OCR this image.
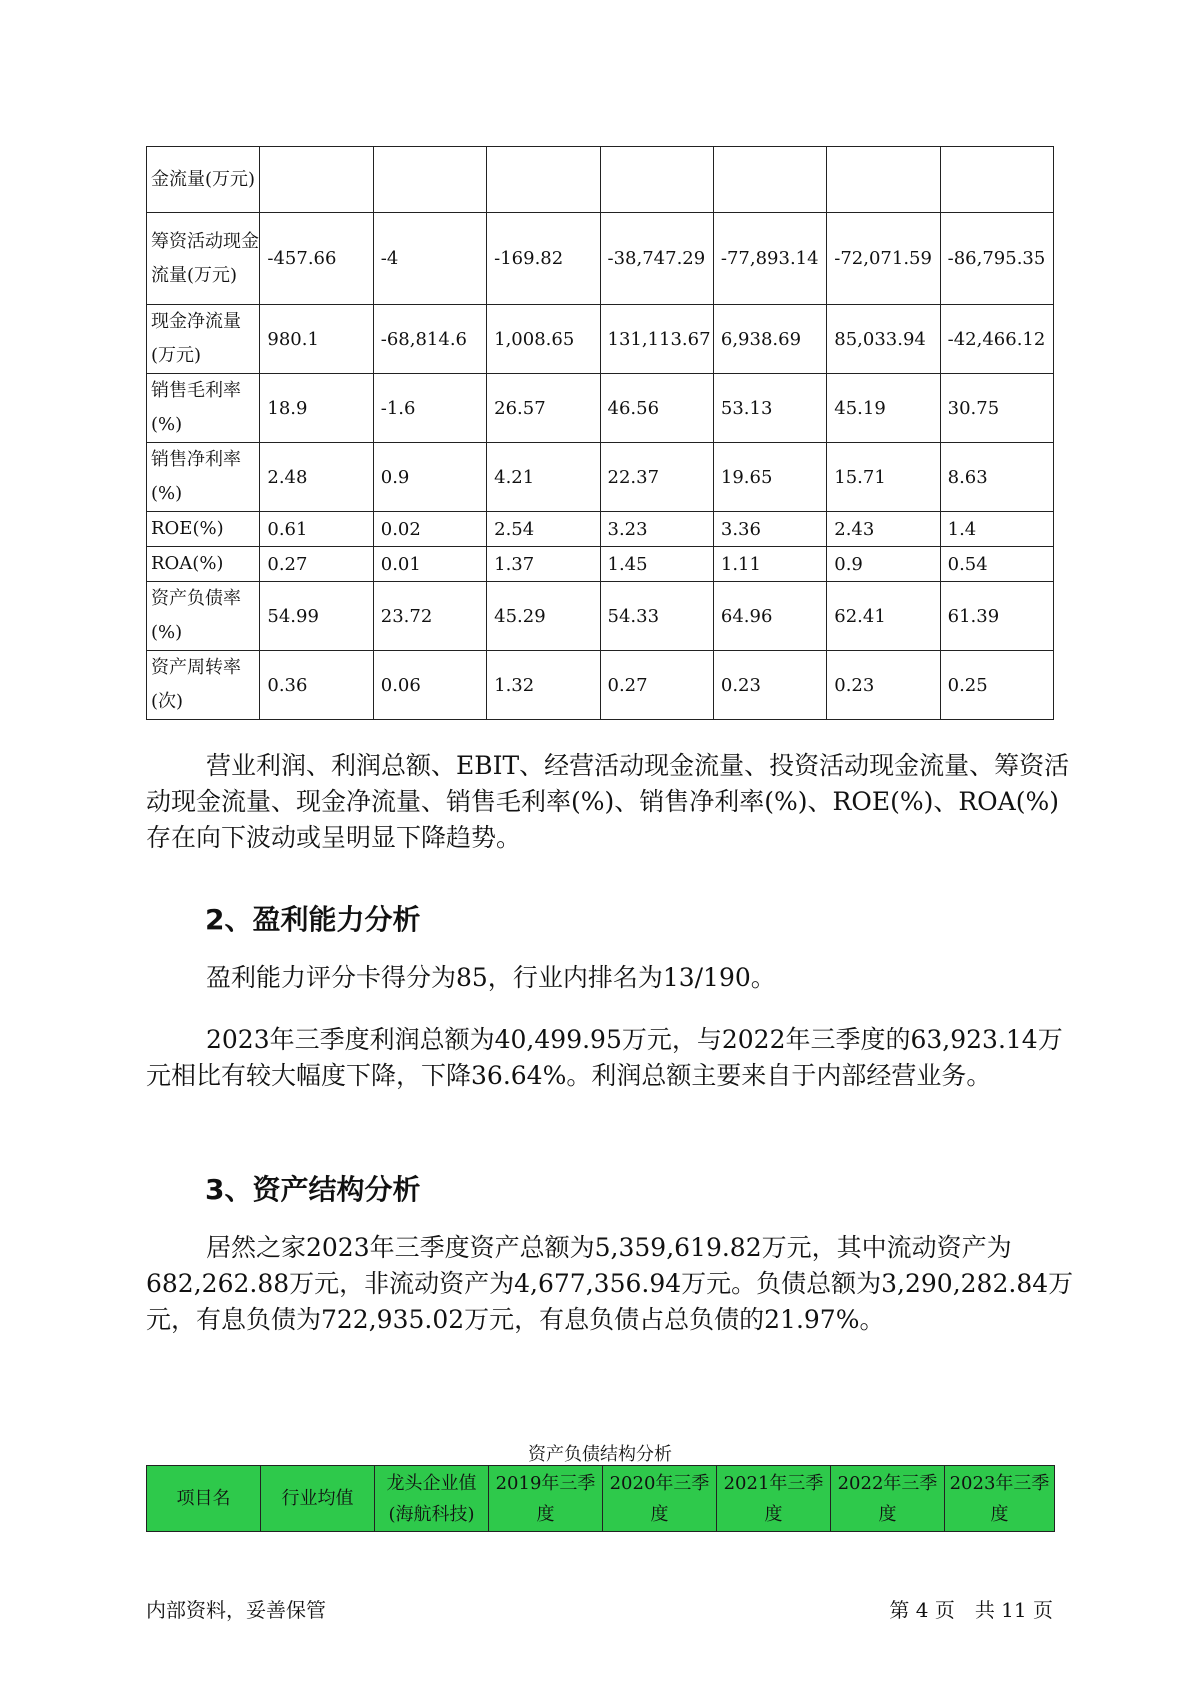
金流量(万元)							
筹资活动现金流量(万元)	-457.66	-4	-169.82	-38,747.29	-77,893.14	-72,071.59	-86,795.35
现金净流量(万元)	980.1	-68,814.6	1,008.65	131,113.67	6,938.69	85,033.94	-42,466.12
销售毛利率(%)	18.9	-1.6	26.57	46.56	53.13	45.19	30.75
销售净利率(%)	2.48	0.9	4.21	22.37	19.65	15.71	8.63
ROE(%)	0.61	0.02	2.54	3.23	3.36	2.43	1.4
ROA(%)	0.27	0.01	1.37	1.45	1.11	0.9	0.54
资产负债率(%)	54.99	23.72	45.29	54.33	64.96	62.41	61.39
资产周转率(次)	0.36	0.06	1.32	0.27	0.23	0.23	0.25

营业利润、利润总额、EBIT、经营活动现金流量、投资活动现金流量、筹资活动现金流量、现金净流量、销售毛利率(%)、销售净利率(%)、ROE(%)、ROA(%)存在向下波动或呈明显下降趋势。

2、盈利能力分析

盈利能力评分卡得分为85，行业内排名为13/190。

2023年三季度利润总额为40,499.95万元，与2022年三季度的63,923.14万元相比有较大幅度下降，下降36.64%。利润总额主要来自于内部经营业务。

3、资产结构分析

居然之家2023年三季度资产总额为5,359,619.82万元，其中流动资产为682,262.88万元，非流动资产为4,677,356.94万元。负债总额为3,290,282.84万元，有息负债为722,935.02万元，有息负债占总负债的21.97%。

资产负债结构分析
项目名	行业均值	龙头企业值(海航科技)	2019年三季度	2020年三季度	2021年三季度	2022年三季度	2023年三季度
内部资料，妥善保管	第 4 页　共 11 页
